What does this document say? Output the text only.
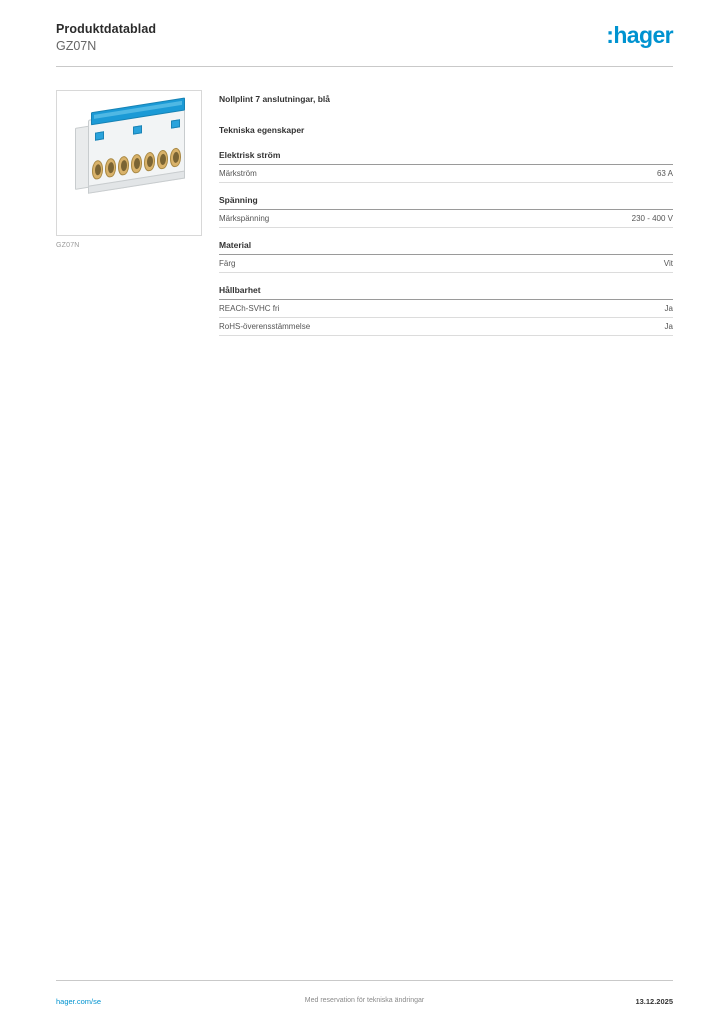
Produktdatablad
GZ07N	:hager
GZ07N
Nollplint 7 anslutningar, blå
Tekniska egenskaper
Elektrisk ström
Märkström	63 A
Spänning
Märkspänning	230 - 400 V
Material
Färg	Vit
Hållbarhet
REACh-SVHC fri	Ja
RoHS-överensstämmelse	Ja
hager.com/se	Med reservation för tekniska ändringar	13.12.2025
